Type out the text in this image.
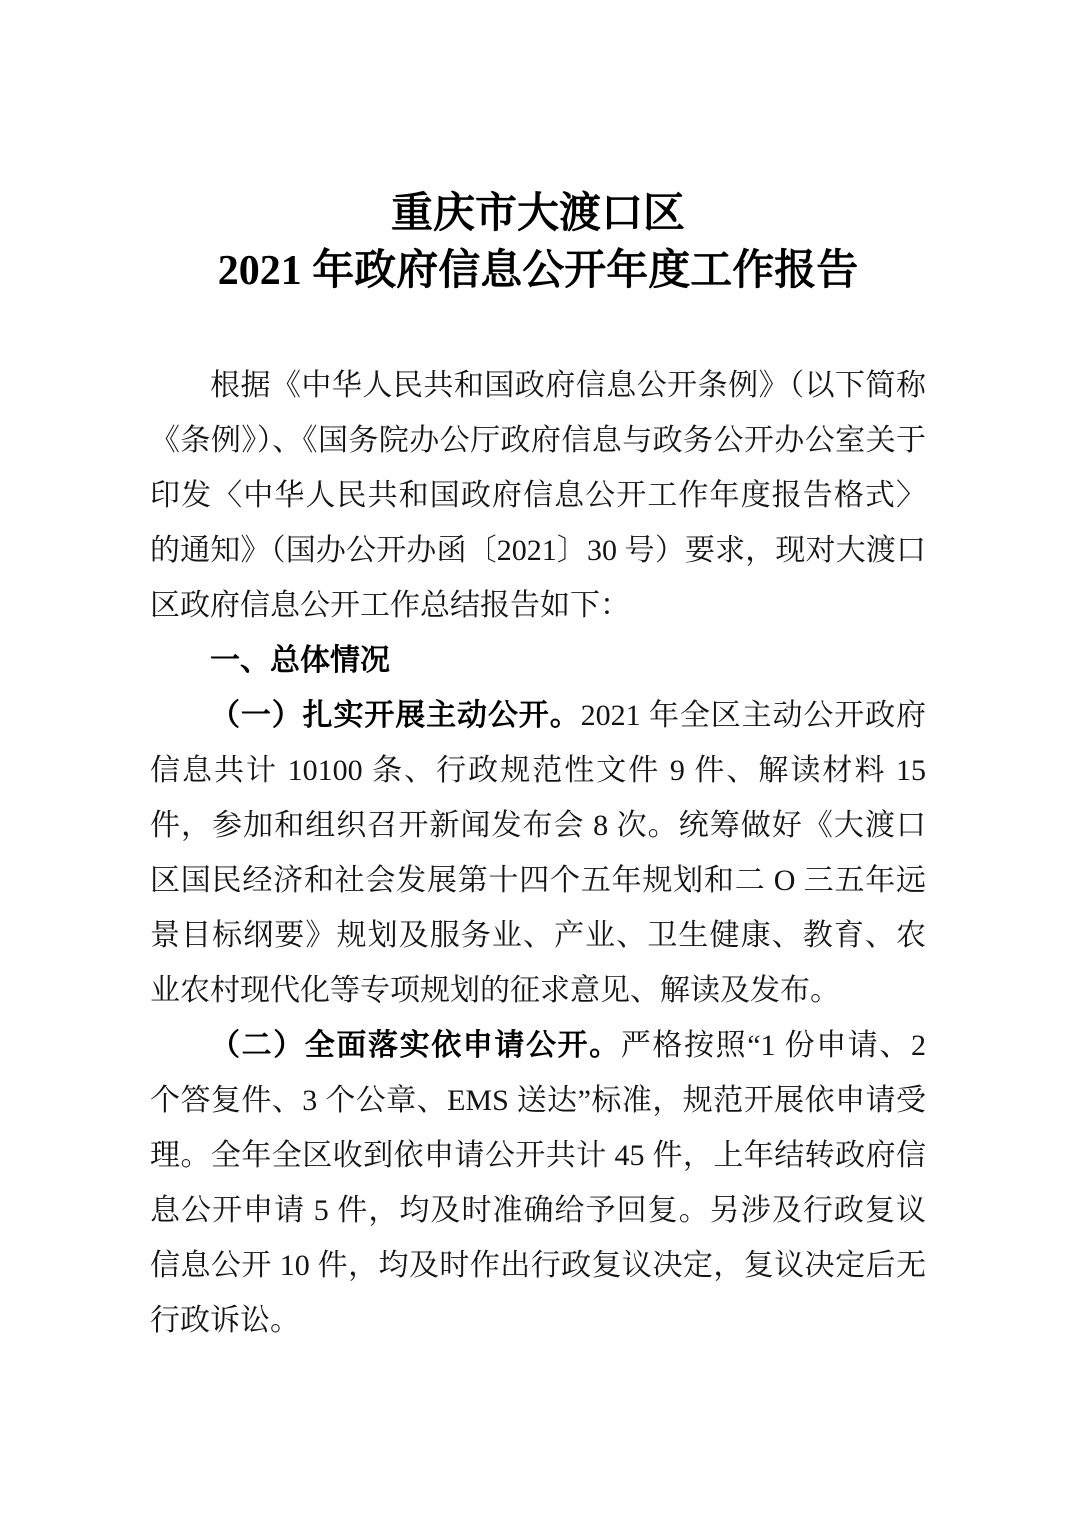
重庆市大渡口区
2021 年政府信息公开年度工作报告

根据《中华人民共和国政府信息公开条例》（以下简称《条例》）、《国务院办公厅政府信息与政务公开办公室关于印发〈中华人民共和国政府信息公开工作年度报告格式〉的通知》（国办公开办函〔2021〕30 号）要求，现对大渡口区政府信息公开工作总结报告如下：

一、总体情况

（一）扎实开展主动公开。2021 年全区主动公开政府信息共计 10100 条、行政规范性文件 9 件、解读材料 15 件，参加和组织召开新闻发布会 8 次。统筹做好《大渡口区国民经济和社会发展第十四个五年规划和二 O 三五年远景目标纲要》规划及服务业、产业、卫生健康、教育、农业农村现代化等专项规划的征求意见、解读及发布。

（二）全面落实依申请公开。严格按照“1 份申请、2 个答复件、3 个公章、EMS 送达”标准，规范开展依申请受理。全年全区收到依申请公开共计 45 件，上年结转政府信息公开申请 5 件，均及时准确给予回复。另涉及行政复议信息公开 10 件，均及时作出行政复议决定，复议决定后无行政诉讼。
